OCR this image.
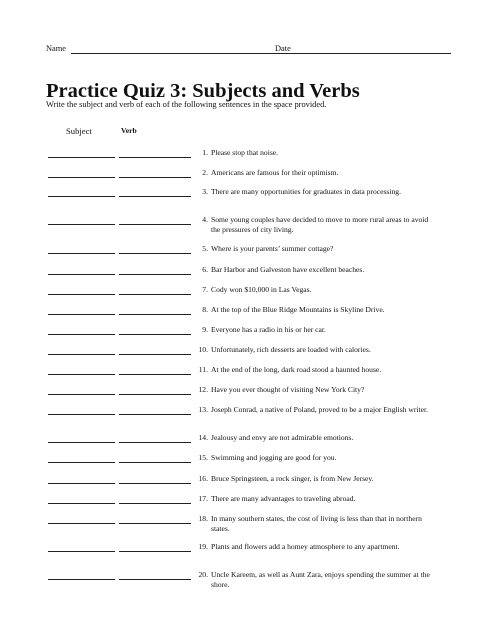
Name	Date
Practice Quiz 3: Subjects and Verbs

Write the subject and verb of each of the following sentences in the space provided.

Subject	Verb
1. Please stop that noise.
2. Americans are famous for their optimism.
3. There are many opportunities for graduates in data processing.
4. Some young couples have decided to move to more rural areas to avoid the pressures of city living.
5. Where is your parents’ summer cottage?
6. Bar Harbor and Galveston have excellent beaches.
7. Cody won $10,000 in Las Vegas.
8. At the top of the Blue Ridge Mountains is Skyline Drive.
9. Everyone has a radio in his or her car.
10. Unfortunately, rich desserts are loaded with calories.
11. At the end of the long, dark road stood a haunted house.
12. Have you ever thought of visiting New York City?
13. Joseph Conrad, a native of Poland, proved to be a major English writer.
14. Jealousy and envy are not admirable emotions.
15. Swimming and jogging are good for you.
16. Bruce Springsteen, a rock singer, is from New Jersey.
17. There are many advantages to traveling abroad.
18. In many southern states, the cost of living is less than that in northern states.
19. Plants and flowers add a homey atmosphere to any apartment.
20. Uncle Kareem, as well as Aunt Zara, enjoys spending the summer at the shore.
